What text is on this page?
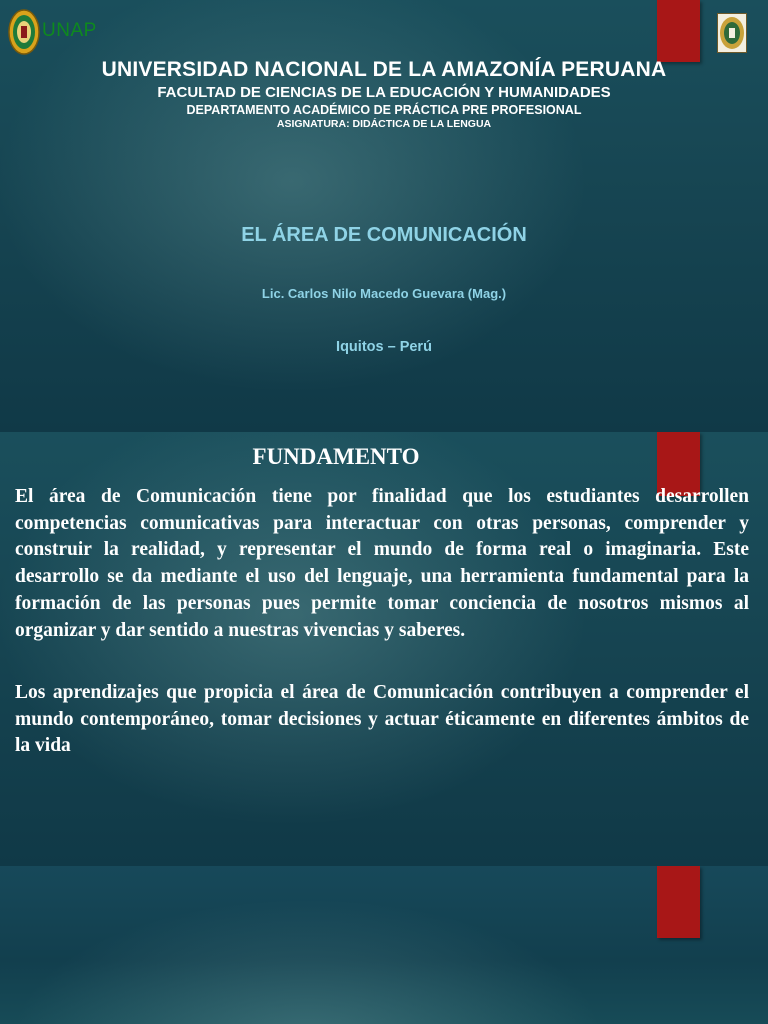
UNAP
UNIVERSIDAD NACIONAL DE LA AMAZONÍA PERUANA
FACULTAD DE CIENCIAS DE LA EDUCACIÓN Y HUMANIDADES
DEPARTAMENTO ACADÉMICO DE PRÁCTICA PRE PROFESIONAL
ASIGNATURA: DIDÁCTICA DE LA LENGUA
EL ÁREA DE COMUNICACIÓN
Lic. Carlos Nilo Macedo Guevara (Mag.)
Iquitos – Perú
FUNDAMENTO

El área de Comunicación tiene por finalidad que los estudiantes desarrollen competencias comunicativas para interactuar con otras personas, comprender y construir la realidad, y representar el mundo de forma real o imaginaria. Este desarrollo se da mediante el uso del lenguaje, una herramienta fundamental para la formación de las personas pues permite tomar conciencia de nosotros mismos al organizar y dar sentido a nuestras vivencias y saberes.

Los aprendizajes que propicia el área de Comunicación contribuyen a comprender el mundo contemporáneo, tomar decisiones y actuar éticamente en diferentes ámbitos de la vida
